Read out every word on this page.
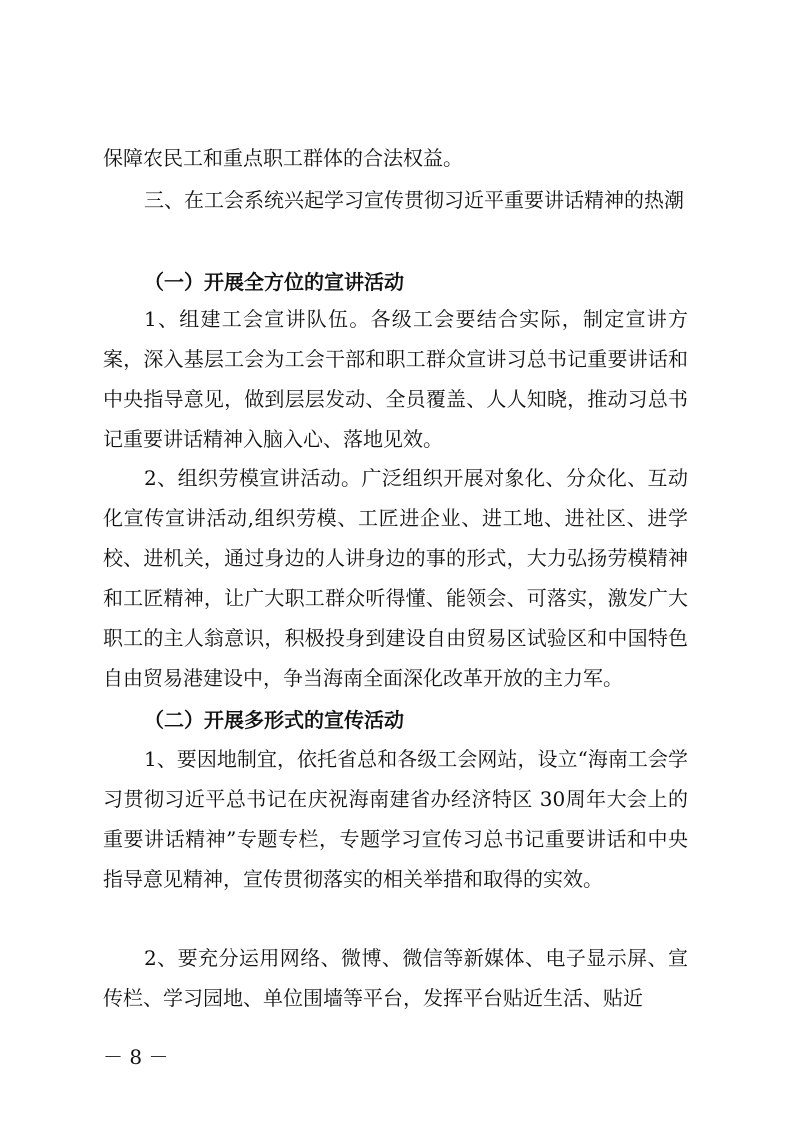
保障农民工和重点职工群体的合法权益。

三、在工会系统兴起学习宣传贯彻习近平重要讲话精神的热潮

（一）开展全方位的宣讲活动

1、组建工会宣讲队伍。各级工会要结合实际，制定宣讲方案，深入基层工会为工会干部和职工群众宣讲习总书记重要讲话和中央指导意见，做到层层发动、全员覆盖、人人知晓，推动习总书记重要讲话精神入脑入心、落地见效。

2、组织劳模宣讲活动。广泛组织开展对象化、分众化、互动化宣传宣讲活动,组织劳模、工匠进企业、进工地、进社区、进学校、进机关，通过身边的人讲身边的事的形式，大力弘扬劳模精神和工匠精神，让广大职工群众听得懂、能领会、可落实，激发广大职工的主人翁意识，积极投身到建设自由贸易区试验区和中国特色自由贸易港建设中，争当海南全面深化改革开放的主力军。

（二）开展多形式的宣传活动

1、要因地制宜，依托省总和各级工会网站，设立“海南工会学习贯彻习近平总书记在庆祝海南建省办经济特区 30周年大会上的重要讲话精神”专题专栏，专题学习宣传习总书记重要讲话和中央指导意见精神，宣传贯彻落实的相关举措和取得的实效。

2、要充分运用网络、微博、微信等新媒体、电子显示屏、宣传栏、学习园地、单位围墙等平台，发挥平台贴近生活、贴近

－ 8 －
